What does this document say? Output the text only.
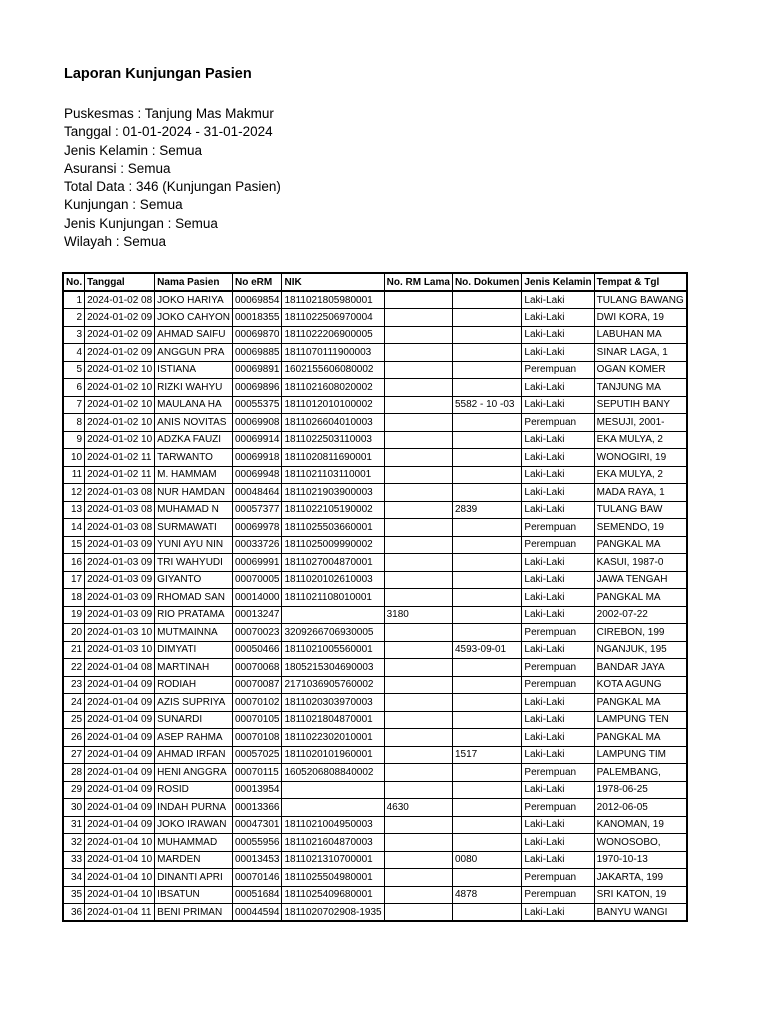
Laporan Kunjungan Pasien
Puskesmas : Tanjung Mas Makmur
Tanggal : 01-01-2024 - 31-01-2024
Jenis Kelamin : Semua
Asuransi : Semua
Total Data : 346 (Kunjungan Pasien)
Kunjungan : Semua
Jenis Kunjungan : Semua
Wilayah : Semua
No.	Tanggal	Nama Pasien	No eRM	NIK	No. RM Lama	No. Dokumen	Jenis Kelamin	Tempat & Tgl
1	2024-01-02 08	JOKO HARIYA	00069854	1811021805980001			Laki-Laki	TULANG BAWANG
2	2024-01-02 09	JOKO CAHYON	00018355	1811022506970004			Laki-Laki	DWI KORA, 19
3	2024-01-02 09	AHMAD SAIFU	00069870	1811022206900005			Laki-Laki	LABUHAN MA
4	2024-01-02 09	ANGGUN PRA	00069885	1811070111900003			Laki-Laki	SINAR LAGA, 1
5	2024-01-02 10	ISTIANA	00069891	1602155606080002			Perempuan	OGAN KOMER
6	2024-01-02 10	RIZKI WAHYU	00069896	1811021608020002			Laki-Laki	TANJUNG MA
7	2024-01-02 10	MAULANA HA	00055375	1811012010100002		5582 - 10 -03	Laki-Laki	SEPUTIH BANY
8	2024-01-02 10	ANIS NOVITAS	00069908	1811026604010003			Perempuan	MESUJI, 2001-
9	2024-01-02 10	ADZKA FAUZI	00069914	1811022503110003			Laki-Laki	EKA MULYA, 2
10	2024-01-02 11	TARWANTO	00069918	1811020811690001			Laki-Laki	WONOGIRI, 19
11	2024-01-02 11	M. HAMMAM	00069948	1811021103110001			Laki-Laki	EKA MULYA, 2
12	2024-01-03 08	NUR HAMDAN	00048464	1811021903900003			Laki-Laki	MADA RAYA, 1
13	2024-01-03 08	MUHAMAD N	00057377	1811022105190002		2839	Laki-Laki	TULANG BAW
14	2024-01-03 08	SURMAWATI	00069978	1811025503660001			Perempuan	SEMENDO, 19
15	2024-01-03 09	YUNI AYU NIN	00033726	1811025009990002			Perempuan	PANGKAL MA
16	2024-01-03 09	TRI WAHYUDI	00069991	1811027004870001			Laki-Laki	KASUI, 1987-0
17	2024-01-03 09	GIYANTO	00070005	1811020102610003			Laki-Laki	JAWA TENGAH
18	2024-01-03 09	RHOMAD SAN	00014000	1811021108010001			Laki-Laki	PANGKAL MA
19	2024-01-03 09	RIO PRATAMA	00013247		3180		Laki-Laki	2002-07-22
20	2024-01-03 10	MUTMAINNA	00070023	3209266706930005			Perempuan	CIREBON, 199
21	2024-01-03 10	DIMYATI	00050466	1811021005560001		4593-09-01	Laki-Laki	NGANJUK, 195
22	2024-01-04 08	MARTINAH	00070068	1805215304690003			Perempuan	BANDAR JAYA
23	2024-01-04 09	RODIAH	00070087	2171036905760002			Perempuan	KOTA AGUNG
24	2024-01-04 09	AZIS SUPRIYA	00070102	1811020303970003			Laki-Laki	PANGKAL MA
25	2024-01-04 09	SUNARDI	00070105	1811021804870001			Laki-Laki	LAMPUNG TEN
26	2024-01-04 09	ASEP RAHMA	00070108	1811022302010001			Laki-Laki	PANGKAL MA
27	2024-01-04 09	AHMAD IRFAN	00057025	1811020101960001		1517	Laki-Laki	LAMPUNG TIM
28	2024-01-04 09	HENI ANGGRA	00070115	1605206808840002			Perempuan	PALEMBANG,
29	2024-01-04 09	ROSID	00013954				Laki-Laki	1978-06-25
30	2024-01-04 09	INDAH PURNA	00013366		4630		Perempuan	2012-06-05
31	2024-01-04 09	JOKO IRAWAN	00047301	1811021004950003			Laki-Laki	KANOMAN, 19
32	2024-01-04 10	MUHAMMAD	00055956	1811021604870003			Laki-Laki	WONOSOBO,
33	2024-01-04 10	MARDEN	00013453	1811021310700001		0080	Laki-Laki	1970-10-13
34	2024-01-04 10	DINANTI APRI	00070146	1811025504980001			Perempuan	JAKARTA, 199
35	2024-01-04 10	IBSATUN	00051684	1811025409680001		4878	Perempuan	SRI KATON, 19
36	2024-01-04 11	BENI PRIMAN	00044594	1811020702908-1935			Laki-Laki	BANYU WANGI
